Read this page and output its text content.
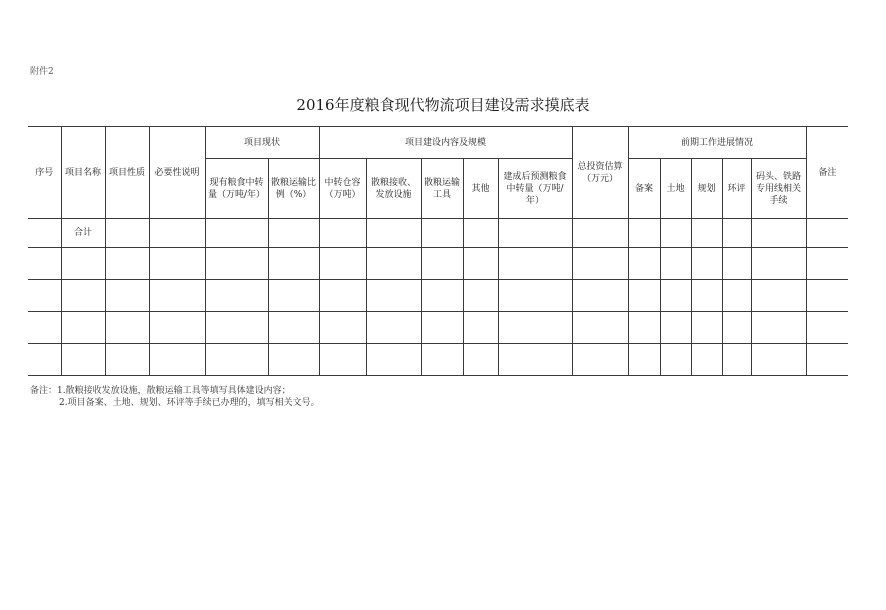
附件2
2016年度粮食现代物流项目建设需求摸底表
序号	项目名称	项目性质	必要性说明	项目现状		项目建设内容及规模					总投资估算（万元）	前期工作进展情况					备注
				现有粮食中转量（万吨/年）	散粮运输比例（%）	中转仓容（万吨）	散粮接收、发放设施	散粮运输工具	其他	建成后预测粮食中转量（万吨/年）		备案	土地	规划	环评	码头、铁路专用线相关手续	
	合计																

备注：1.散粮接收发放设施，散粮运输工具等填写具体建设内容；
2.项目备案、土地、规划、环评等手续已办理的，填写相关文号。
